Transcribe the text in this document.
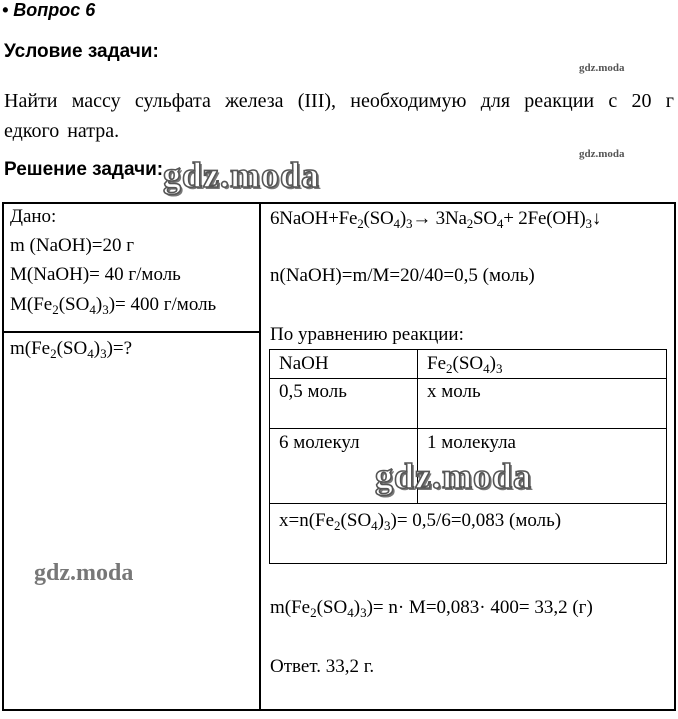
• Вопрос 6
Условие задачи:
gdz.moda
Найти массу сульфата железа (III), необходимую для реакции с 20 г едкого натра.
gdz.moda
Решение задачи: gdz.moda
Дано:
m (NaOH)=20 г
M(NaOH)= 40 г/моль
$M(Fe_2(SO_4)_3)= 400$ г/моль
$m(Fe_2(SO_4)_3)=$?
gdz.moda
$6NaOH+Fe_2(SO_4)_3\to 3Na_2SO_4+$ $2Fe(OH)_3↓$
n(NaOH)=m/M=20/40=0,5 (моль)
По уравнению реакции:
NaOH	$Fe_2(SO_4)_3$
0,5 моль	х моль
6 молекул	1 молекула
gdz.moda
$x=n(Fe_2(SO_4)_3)= 0,5/6=0,083$ (моль)
$m(Fe_2(SO_4)_3)= n\cdot M=0,083\cdot 400= 33,2$ (г)
Ответ. 33,2 г.
